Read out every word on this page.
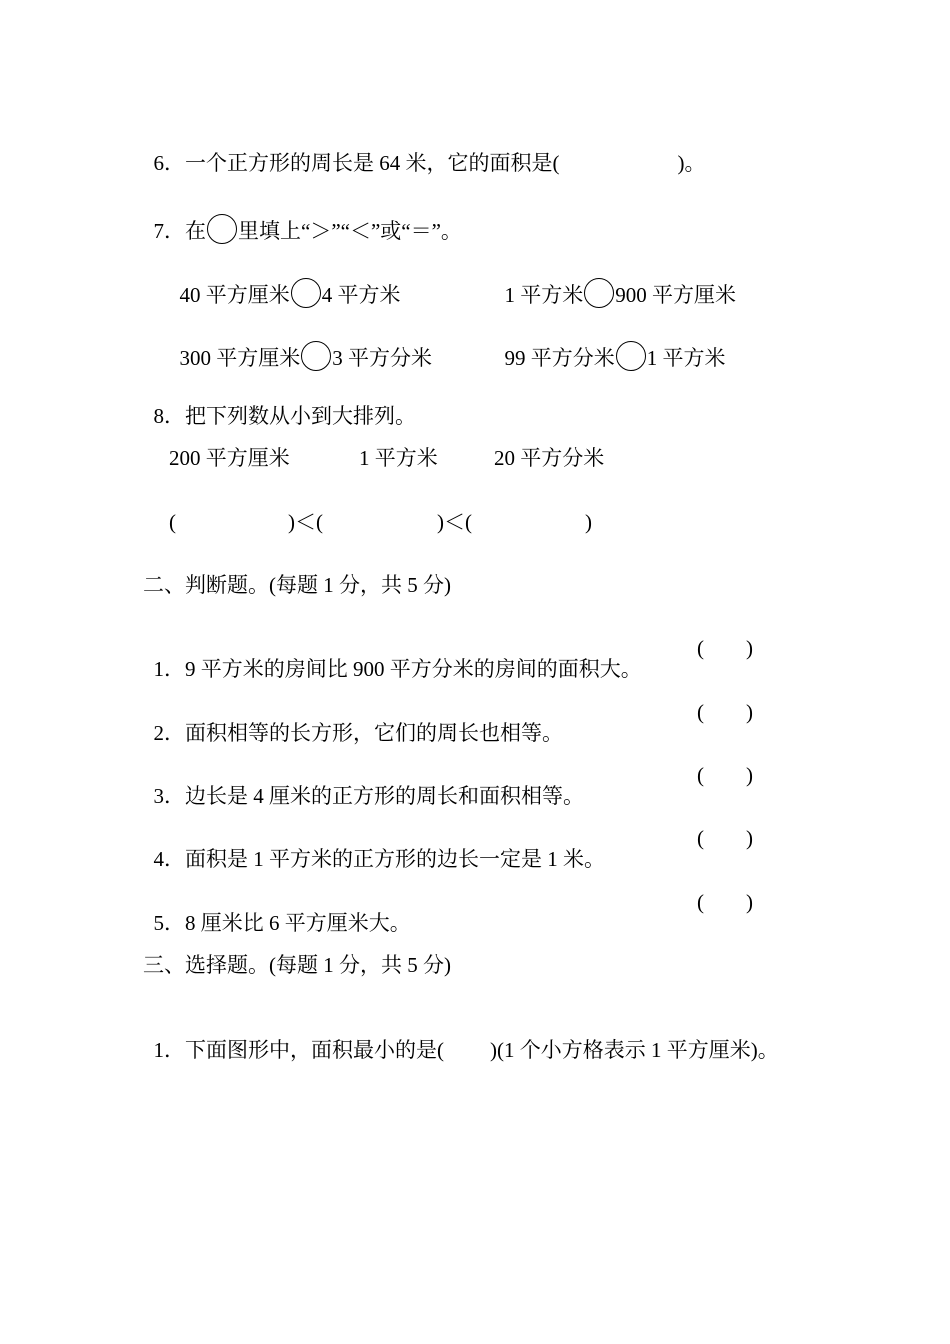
6．一个正方形的周长是 64 米，它的面积是(	)。

7．在 里填上“＞”“＜”或“＝”。

40 平方厘米 4 平方米	1 平方米 900 平方厘米

300 平方厘米 3 平方分米	99 平方分米 1 平方米

8．把下列数从小到大排列。

200 平方厘米	1 平方米	20 平方分米
(	)＜(	)＜(	)
二、判断题。(每题 1 分，共 5 分)

1．9 平方米的房间比 900 平方分米的房间的面积大。

(　　)

2．面积相等的长方形，它们的周长也相等。

(　　)

3．边长是 4 厘米的正方形的周长和面积相等。

(　　)

4．面积是 1 平方米的正方形的边长一定是 1 米。

(　　)

5．8 厘米比 6 平方厘米大。

(　　)
三、选择题。(每题 1 分，共 5 分)

1．下面图形中，面积最小的是( )(1 个小方格表示 1 平方厘米)。
